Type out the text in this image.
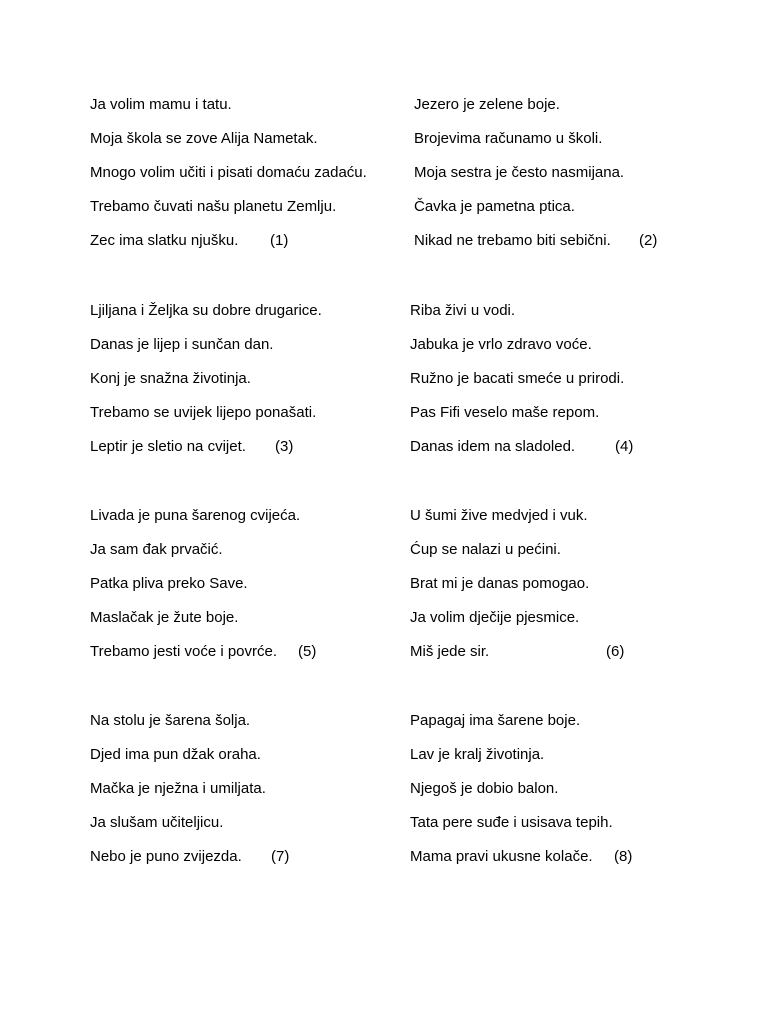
Ja volim mamu i tatu.
Moja škola se zove Alija Nametak.
Mnogo volim učiti i pisati domaću zadaću.
Trebamo čuvati našu planetu Zemlju.
Zec ima slatku njušku. (1)
Jezero je zelene boje.
Brojevima računamo u školi.
Moja sestra je često nasmijana.
Čavka je pametna ptica.
Nikad ne trebamo biti sebični. (2)
Ljiljana i Željka su dobre drugarice.
Danas je lijep i sunčan dan.
Konj je snažna životinja.
Trebamo se uvijek lijepo ponašati.
Leptir je sletio na cvijet. (3)
Riba živi u vodi.
Jabuka je vrlo zdravo voće.
Ružno je bacati smeće u prirodi.
Pas Fifi veselo maše repom.
Danas idem na sladoled.	(4)
Livada je puna šarenog cvijeća.
Ja sam đak prvačić.
Patka pliva preko Save.
Maslačak je žute boje.
Trebamo jesti voće i povrće. (5)
U šumi žive medvjed i vuk.
Ćup se nalazi u pećini.
Brat mi je danas pomogao.
Ja volim dječije pjesmice.
Miš jede sir.	(6)
Na stolu je šarena šolja.
Djed ima pun džak oraha.
Mačka je nježna i umiljata.
Ja slušam učiteljicu.
Nebo je puno zvijezda. (7)
Papagaj ima šarene boje.
Lav je kralj životinja.
Njegoš je dobio balon.
Tata pere suđe i usisava tepih.
Mama pravi ukusne kolače. (8)
